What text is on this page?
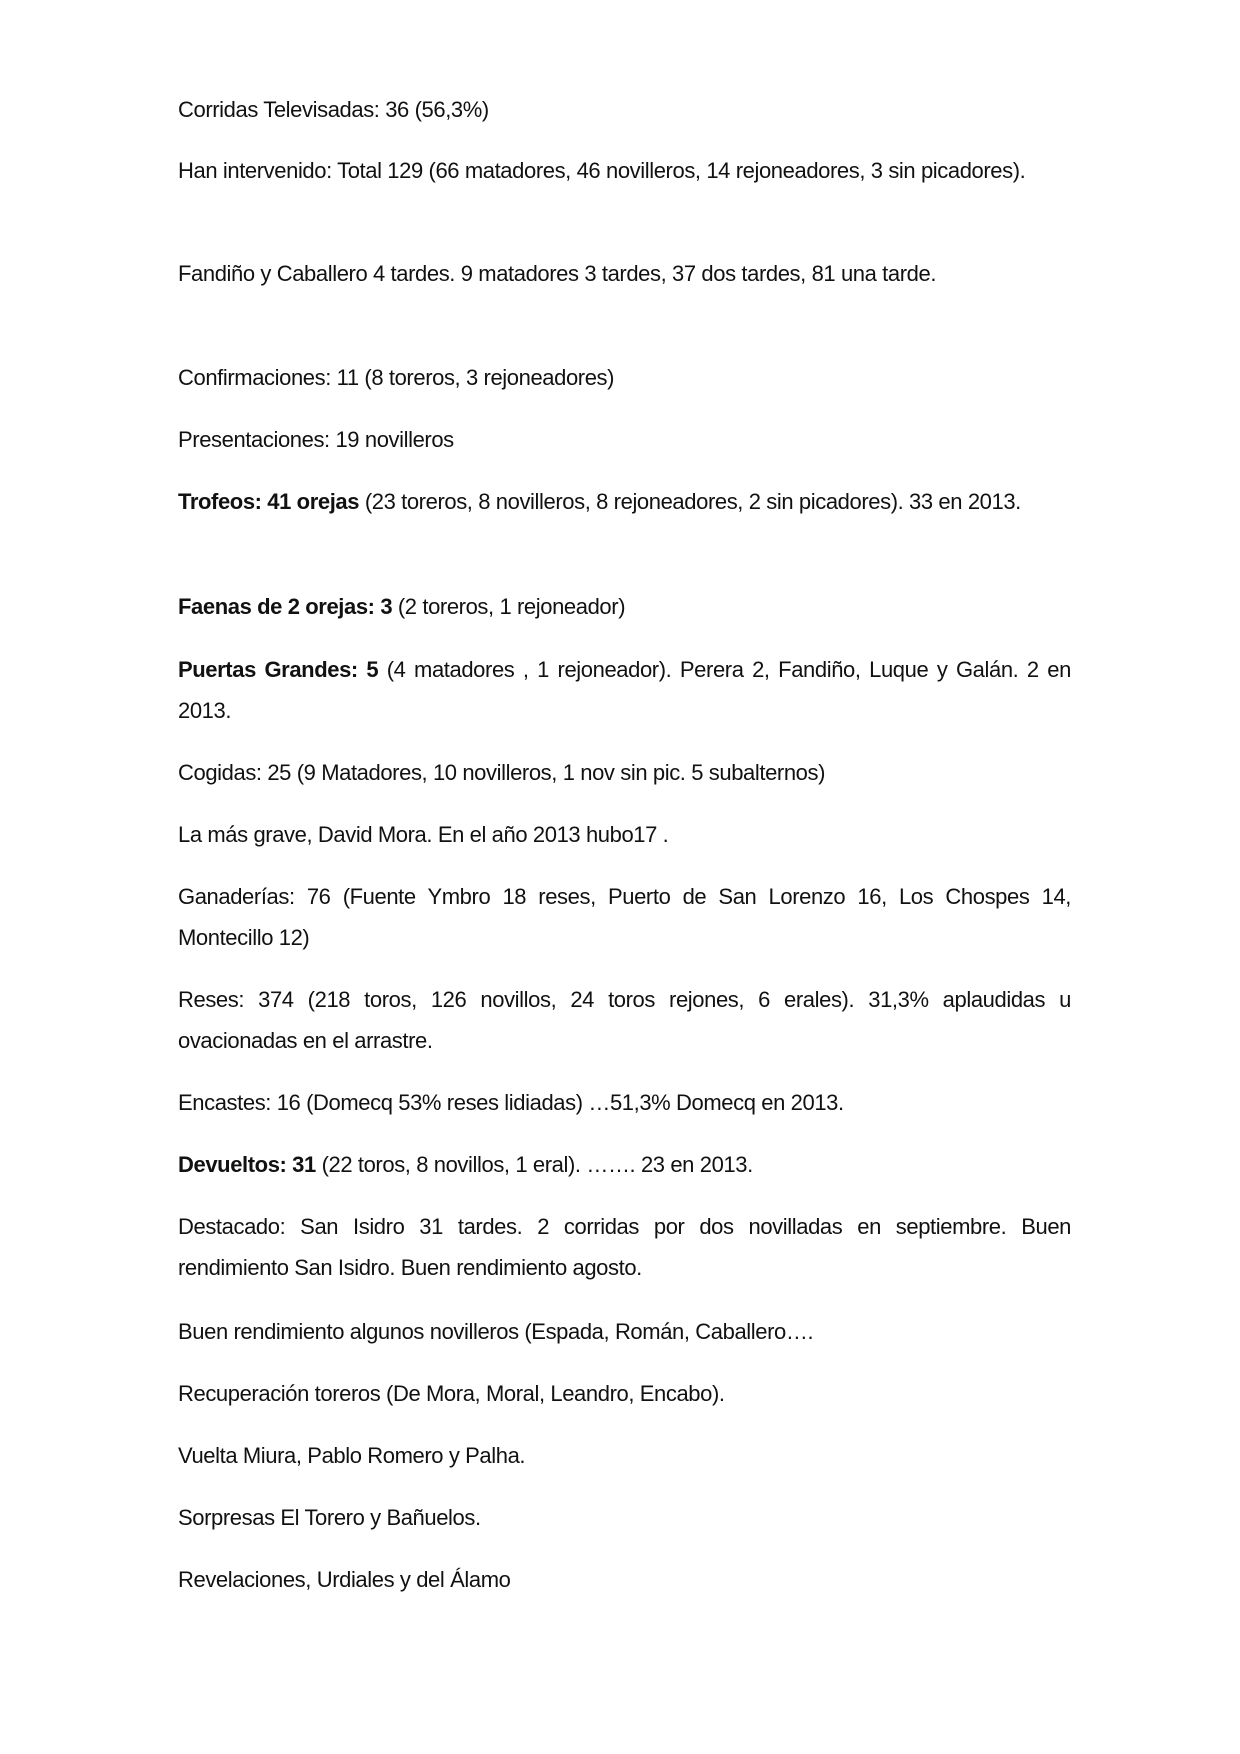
Corridas Televisadas: 36 (56,3%)

Han intervenido: Total 129 (66 matadores, 46 novilleros, 14 rejoneadores, 3 sin picadores).

Fandiño y Caballero 4 tardes. 9 matadores 3 tardes, 37 dos tardes, 81 una tarde.

Confirmaciones: 11 (8 toreros, 3 rejoneadores)

Presentaciones: 19 novilleros

Trofeos: 41 orejas (23 toreros, 8 novilleros, 8 rejoneadores, 2 sin picadores). 33 en 2013.

Faenas de 2 orejas: 3 (2 toreros, 1 rejoneador)

Puertas Grandes: 5 (4 matadores , 1 rejoneador). Perera 2, Fandiño, Luque y Galán. 2 en 2013.

Cogidas: 25 (9 Matadores, 10 novilleros, 1 nov sin pic. 5 subalternos)

La más grave, David Mora. En el año 2013 hubo17 .

Ganaderías: 76 (Fuente Ymbro 18 reses, Puerto de San Lorenzo 16, Los Chospes 14, Montecillo 12)

Reses: 374 (218 toros, 126 novillos, 24 toros rejones, 6 erales). 31,3% aplaudidas u ovacionadas en el arrastre.

Encastes: 16 (Domecq 53% reses lidiadas) …51,3% Domecq en 2013.

Devueltos: 31 (22 toros, 8 novillos, 1 eral). ……. 23 en 2013.

Destacado: San Isidro 31 tardes. 2 corridas por dos novilladas en septiembre. Buen rendimiento San Isidro. Buen rendimiento agosto.

Buen rendimiento algunos novilleros (Espada, Román, Caballero….

Recuperación toreros (De Mora, Moral, Leandro, Encabo).

Vuelta Miura, Pablo Romero y Palha.

Sorpresas El Torero y Bañuelos.

Revelaciones, Urdiales y del Álamo
